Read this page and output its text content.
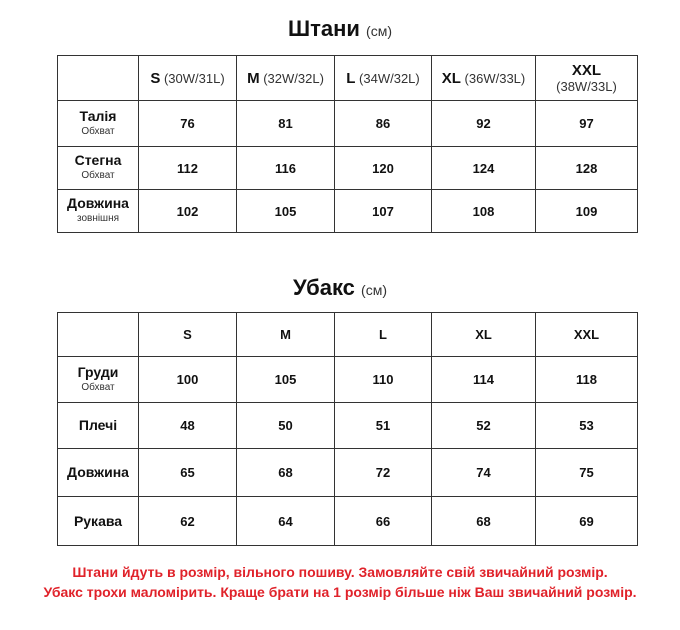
Штани (см)
	S (30W/31L)	M (32W/32L)	L (34W/32L)	XL (36W/33L)	XXL
(38W/33L)
Талія
Обхват	76	81	86	92	97
Стегна
Обхват	112	116	120	124	128
Довжина
зовнішня	102	105	107	108	109
Убакс (см)
	S	M	L	XL	XXL
Груди
Обхват	100	105	110	114	118
Плечі	48	50	51	52	53
Довжина	65	68	72	74	75
Рукава	62	64	66	68	69
Штани йдуть в розмір, вільного пошиву. Замовляйте свій звичайний розмір.
Убакс трохи маломірить. Краще брати на 1 розмір більше ніж Ваш звичайний розмір.
